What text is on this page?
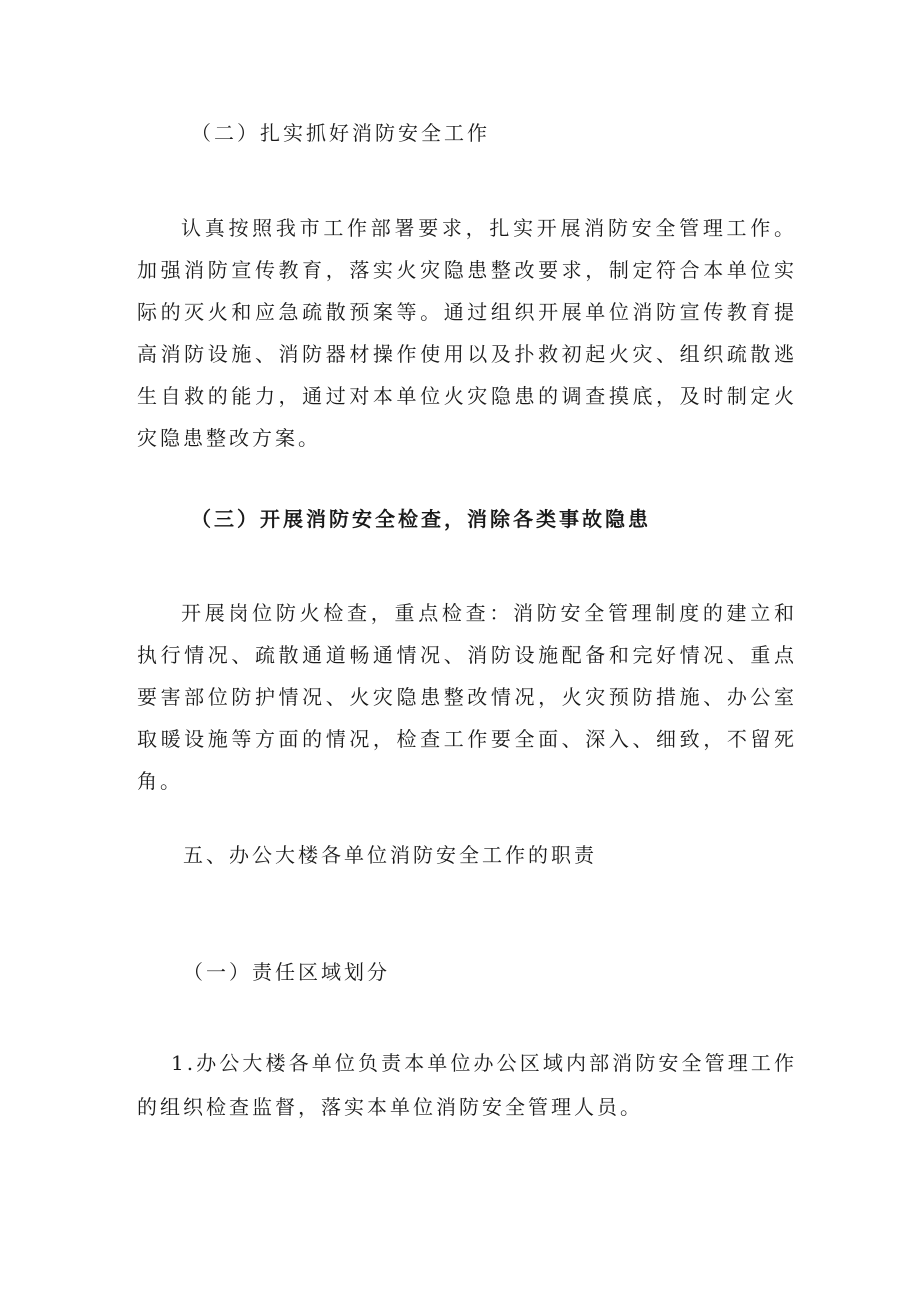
（二）扎实抓好消防安全工作

认真按照我市工作部署要求，扎实开展消防安全管理工作。加强消防宣传教育，落实火灾隐患整改要求，制定符合本单位实际的灭火和应急疏散预案等。通过组织开展单位消防宣传教育提高消防设施、消防器材操作使用以及扑救初起火灾、组织疏散逃生自救的能力，通过对本单位火灾隐患的调查摸底，及时制定火灾隐患整改方案。

（三）开展消防安全检查，消除各类事故隐患

开展岗位防火检查，重点检查：消防安全管理制度的建立和执行情况、疏散通道畅通情况、消防设施配备和完好情况、重点要害部位防护情况、火灾隐患整改情况，火灾预防措施、办公室取暖设施等方面的情况，检查工作要全面、深入、细致，不留死角。

五、办公大楼各单位消防安全工作的职责
（一）责任区域划分

1.办公大楼各单位负责本单位办公区域内部消防安全管理工作的组织检查监督，落实本单位消防安全管理人员。
